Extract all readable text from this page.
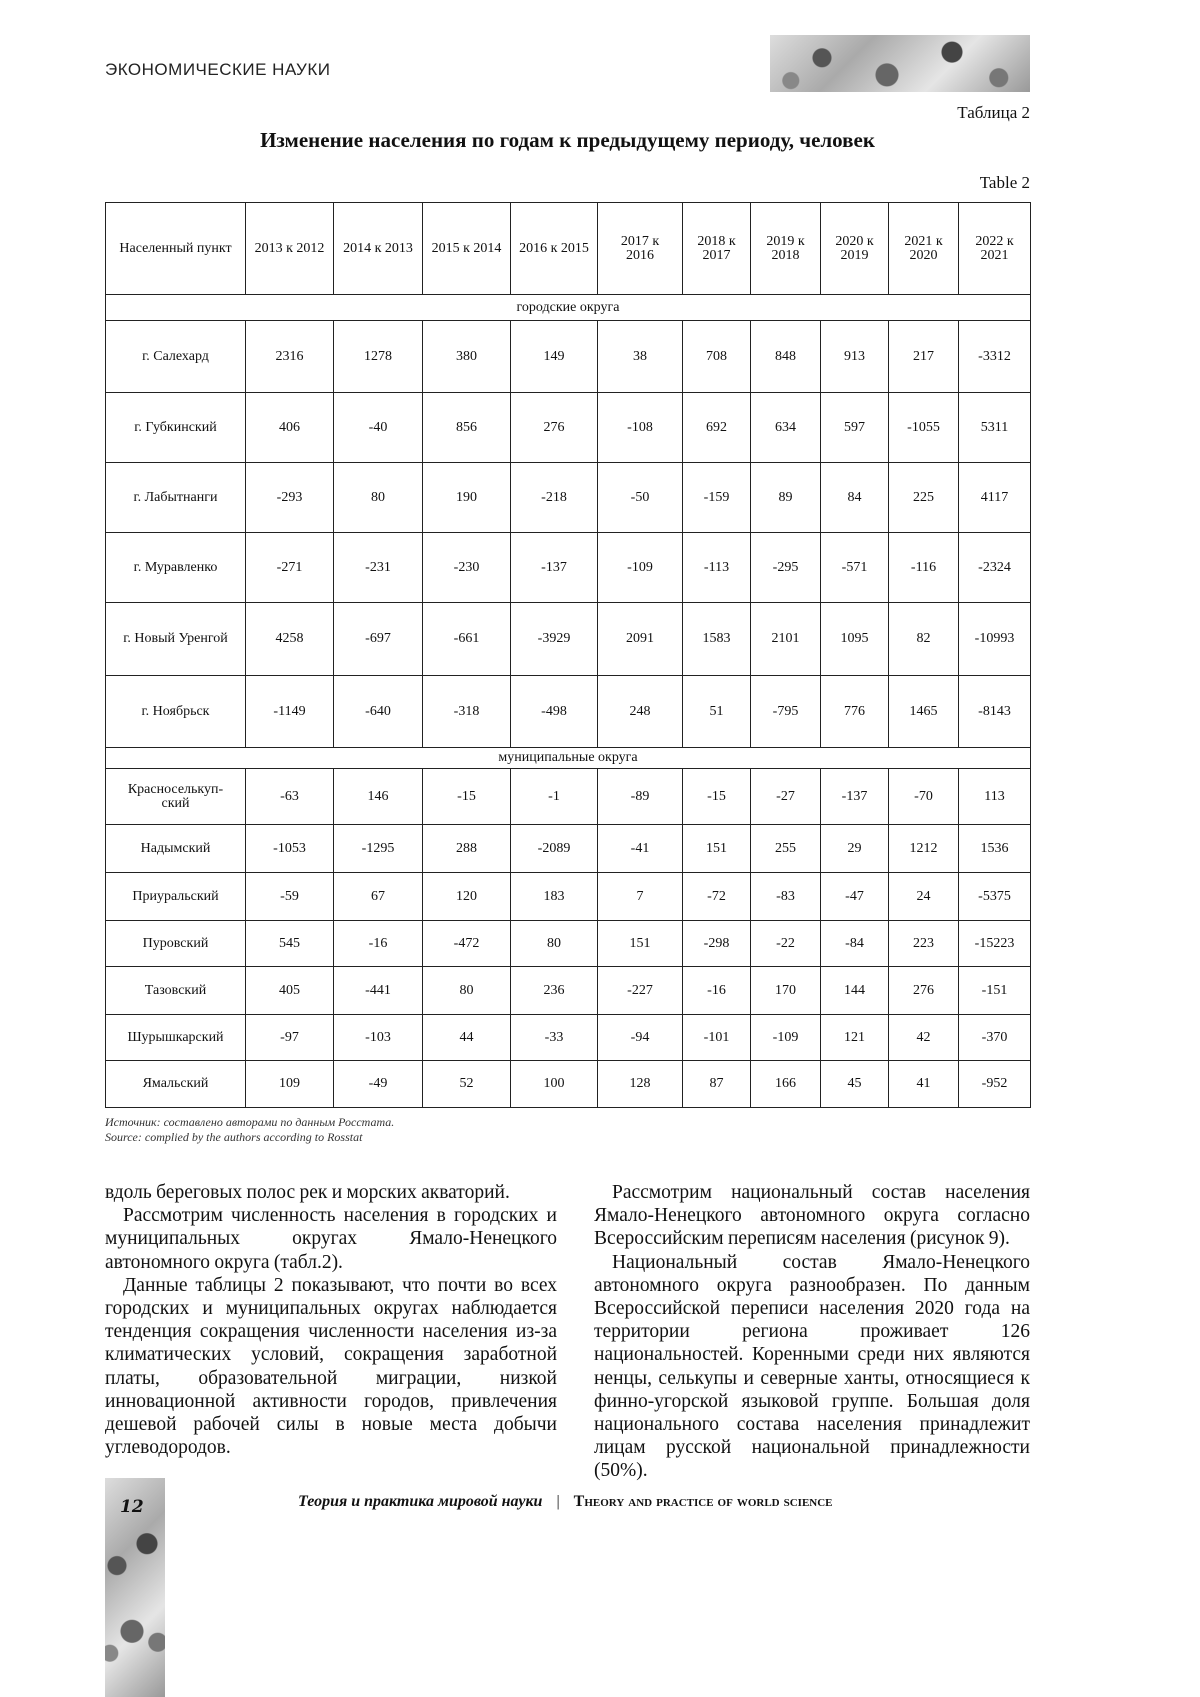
ЭКОНОМИЧЕСКИЕ НАУКИ
Таблица 2
Изменение населения по годам к предыдущему периоду, человек
Table 2
Населенный пункт	2013 к 2012	2014 к 2013	2015 к 2014	2016 к 2015	2017 к 2016	2018 к 2017	2019 к 2018	2020 к 2019	2021 к 2020	2022 к 2021
городские округа
г. Салехард	2316	1278	380	149	38	708	848	913	217	-3312
г. Губкинский	406	-40	856	276	-108	692	634	597	-1055	5311
г. Лабытнанги	-293	80	190	-218	-50	-159	89	84	225	4117
г. Муравленко	-271	-231	-230	-137	-109	-113	-295	-571	-116	-2324
г. Новый Уренгой	4258	-697	-661	-3929	2091	1583	2101	1095	82	-10993
г. Ноябрьск	-1149	-640	-318	-498	248	51	-795	776	1465	-8143
муниципальные округа
Красноселькуп-ский	-63	146	-15	-1	-89	-15	-27	-137	-70	113
Надымский	-1053	-1295	288	-2089	-41	151	255	29	1212	1536
Приуральский	-59	67	120	183	7	-72	-83	-47	24	-5375
Пуровский	545	-16	-472	80	151	-298	-22	-84	223	-15223
Тазовский	405	-441	80	236	-227	-16	170	144	276	-151
Шурышкарский	-97	-103	44	-33	-94	-101	-109	121	42	-370
Ямальский	109	-49	52	100	128	87	166	45	41	-952
Источник: составлено авторами по данным Росстата.
Source: complied by the authors according to Rosstat

вдоль береговых полос рек и морских акваторий.

Рассмотрим численность населения в городских и муниципальных округах Ямало-Ненецкого автономного округа (табл.2).

Данные таблицы 2 показывают, что почти во всех городских и муниципальных округах наблюдается тенденция сокращения численности населения из-за климатических условий, сокращения заработной платы, образовательной миграции, низкой инновационной активности городов, привлечения дешевой рабочей силы в новые места добычи углеводородов.

Рассмотрим национальный состав населения Ямало-Ненецкого автономного округа согласно Всероссийским переписям населения (рисунок 9).

Национальный состав Ямало-Ненецкого автономного округа разнообразен. По данным Всероссийской переписи населения 2020 года на территории региона проживает 126 национальностей. Коренными среди них являются ненцы, селькупы и северные ханты, относящиеся к финно-угорской языковой группе. Большая доля национального состава населения принадлежит лицам русской национальной принадлежности (50%).

12	Теория и практика мировой науки | Theory and practice of world science
